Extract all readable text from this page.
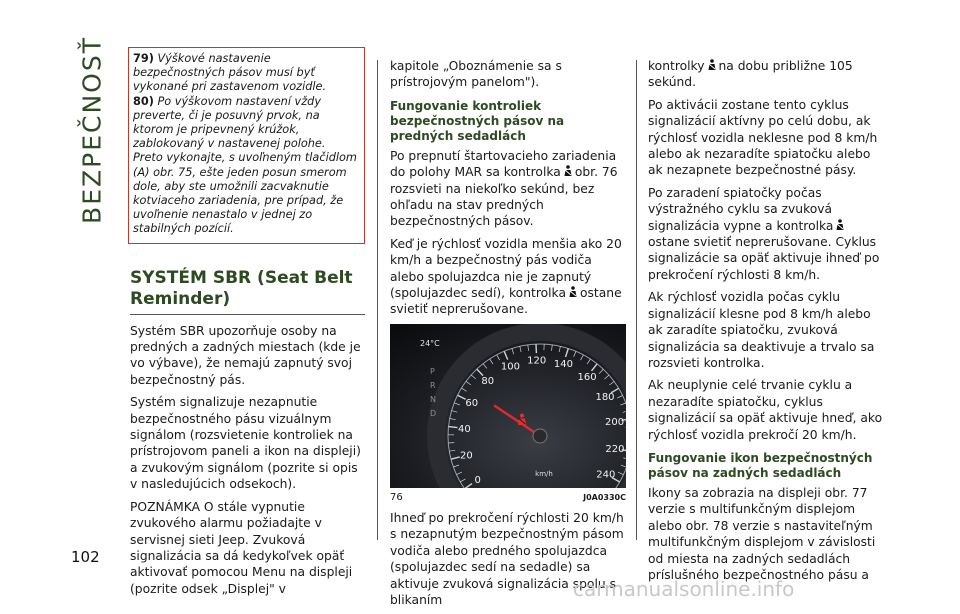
BEZPEČNOSŤ
102

79) Výškové nastavenie bezpečnostných pásov musí byť vykonané pri zastavenom vozidle.

80) Po výškovom nastavení vždy preverte, či je posuvný prvok, na ktorom je pripevnený krúžok, zablokovaný v nastavenej polohe. Preto vykonajte, s uvoľneným tlačidlom (A) obr. 75, ešte jeden posun smerom dole, aby ste umožnili zacvaknutie kotviaceho zariadenia, pre prípad, že uvoľnenie nenastalo v jednej zo stabilných pozícií.

SYSTÉM SBR (Seat Belt Reminder)

Systém SBR upozorňuje osoby na predných a zadných miestach (kde je vo výbave), že nemajú zapnutý svoj bezpečnostný pás.

Systém signalizuje nezapnutie bezpečnostného pásu vizuálnym signálom (rozsvietenie kontroliek na prístrojovom paneli a ikon na displeji) a zvukovým signálom (pozrite si opis v nasledujúcich odsekoch).

POZNÁMKA O stále vypnutie zvukového alarmu požiadajte v servisnej sieti Jeep. Zvuková signalizácia sa dá kedykoľvek opäť aktivovať pomocou Menu na displeji (pozrite odsek „Displej" v

kapitole „Oboznámenie sa s prístrojovým panelom").

Fungovanie kontroliek bezpečnostných pásov na predných sedadlách

Po prepnutí štartovacieho zariadenia do polohy MAR sa kontrolka obr. 76 rozsvieti na niekoľko sekúnd, bez ohľadu na stav predných bezpečnostných pásov.

Keď je rýchlosť vozidla menšia ako 20 km/h a bezpečnostný pás vodiča alebo spolujazdca nie je zapnutý (spolujazdec sedí), kontrolka ostane svietiť neprerušovane.

0
20
40
60
80
100
120 140
160
180
200
220
240
24°C
P
R
N
D
km/h
76	J0A0330C

Ihneď po prekročení rýchlosti 20 km/h s nezapnutým bezpečnostným pásom vodiča alebo predného spolujazdca (spolujazdec sedí na sedadle) sa aktivuje zvuková signalizácia spolu s blikaním

kontrolky na dobu približne 105 sekúnd.

Po aktivácii zostane tento cyklus signalizácií aktívny po celú dobu, ak rýchlosť vozidla neklesne pod 8 km/h alebo ak nezaradíte spiatočku alebo ak nezapnete bezpečnostné pásy.

Po zaradení spiatočky počas výstražného cyklu sa zvuková signalizácia vypne a kontrolkaostane svietiť neprerušovane. Cyklus signalizácie sa opäť aktivuje ihneď po prekročení rýchlosti 8 km/h.

Ak rýchlosť vozidla počas cyklu signalizácií klesne pod 8 km/h alebo ak zaradíte spiatočku, zvuková signalizácia sa deaktivuje a trvalo sa rozsvieti kontrolka.

Ak neuplynie celé trvanie cyklu a nezaradíte spiatočku, cyklus signalizácií sa opäť aktivuje hneď, ako rýchlosť vozidla prekročí 20 km/h.

Fungovanie ikon bezpečnostných pásov na zadných sedadlách

Ikony sa zobrazia na displeji obr. 77 verzie s multifunkčným displejom alebo obr. 78 verzie s nastaviteľným multifunkčným displejom v závislosti od miesta na zadných sedadlách príslušného bezpečnostného pásu a

carmanualsonline.info
